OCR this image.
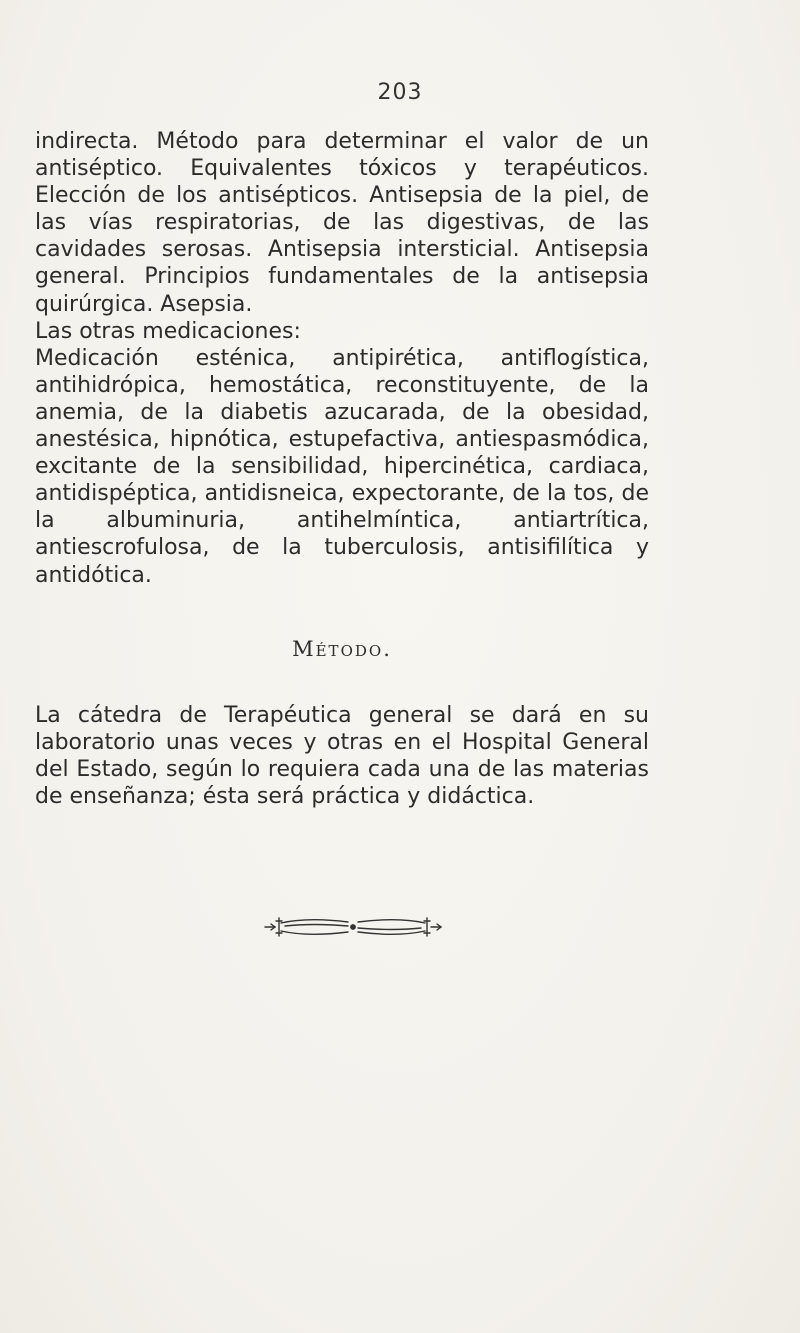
203

indirecta. Método para determinar el valor de un antiséptico. Equivalentes tóxicos y terapéuticos. Elección de los antisépticos. Antisepsia de la piel, de las vías respiratorias, de las digestivas, de las cavidades serosas. Antisepsia intersticial. Antisepsia general. Principios fundamentales de la antisepsia quirúrgica. Asepsia.

Las otras medicaciones:

Medicación esténica, antipirética, antiflogística, antihidrópica, hemostática, reconstituyente, de la anemia, de la diabetis azucarada, de la obesidad, anestésica, hipnótica, estupefactiva, antiespasmódica, excitante de la sensibilidad, hipercinética, cardiaca, antidispéptica, antidisneica, expectorante, de la tos, de la albuminuria, antihelmíntica, antiartrítica, antiescrofulosa, de la tuberculosis, antisifilítica y antidótica.

Método.

La cátedra de Terapéutica general se dará en su laboratorio unas veces y otras en el Hospital General del Estado, según lo requiera cada una de las materias de enseñanza; ésta será práctica y didáctica.
